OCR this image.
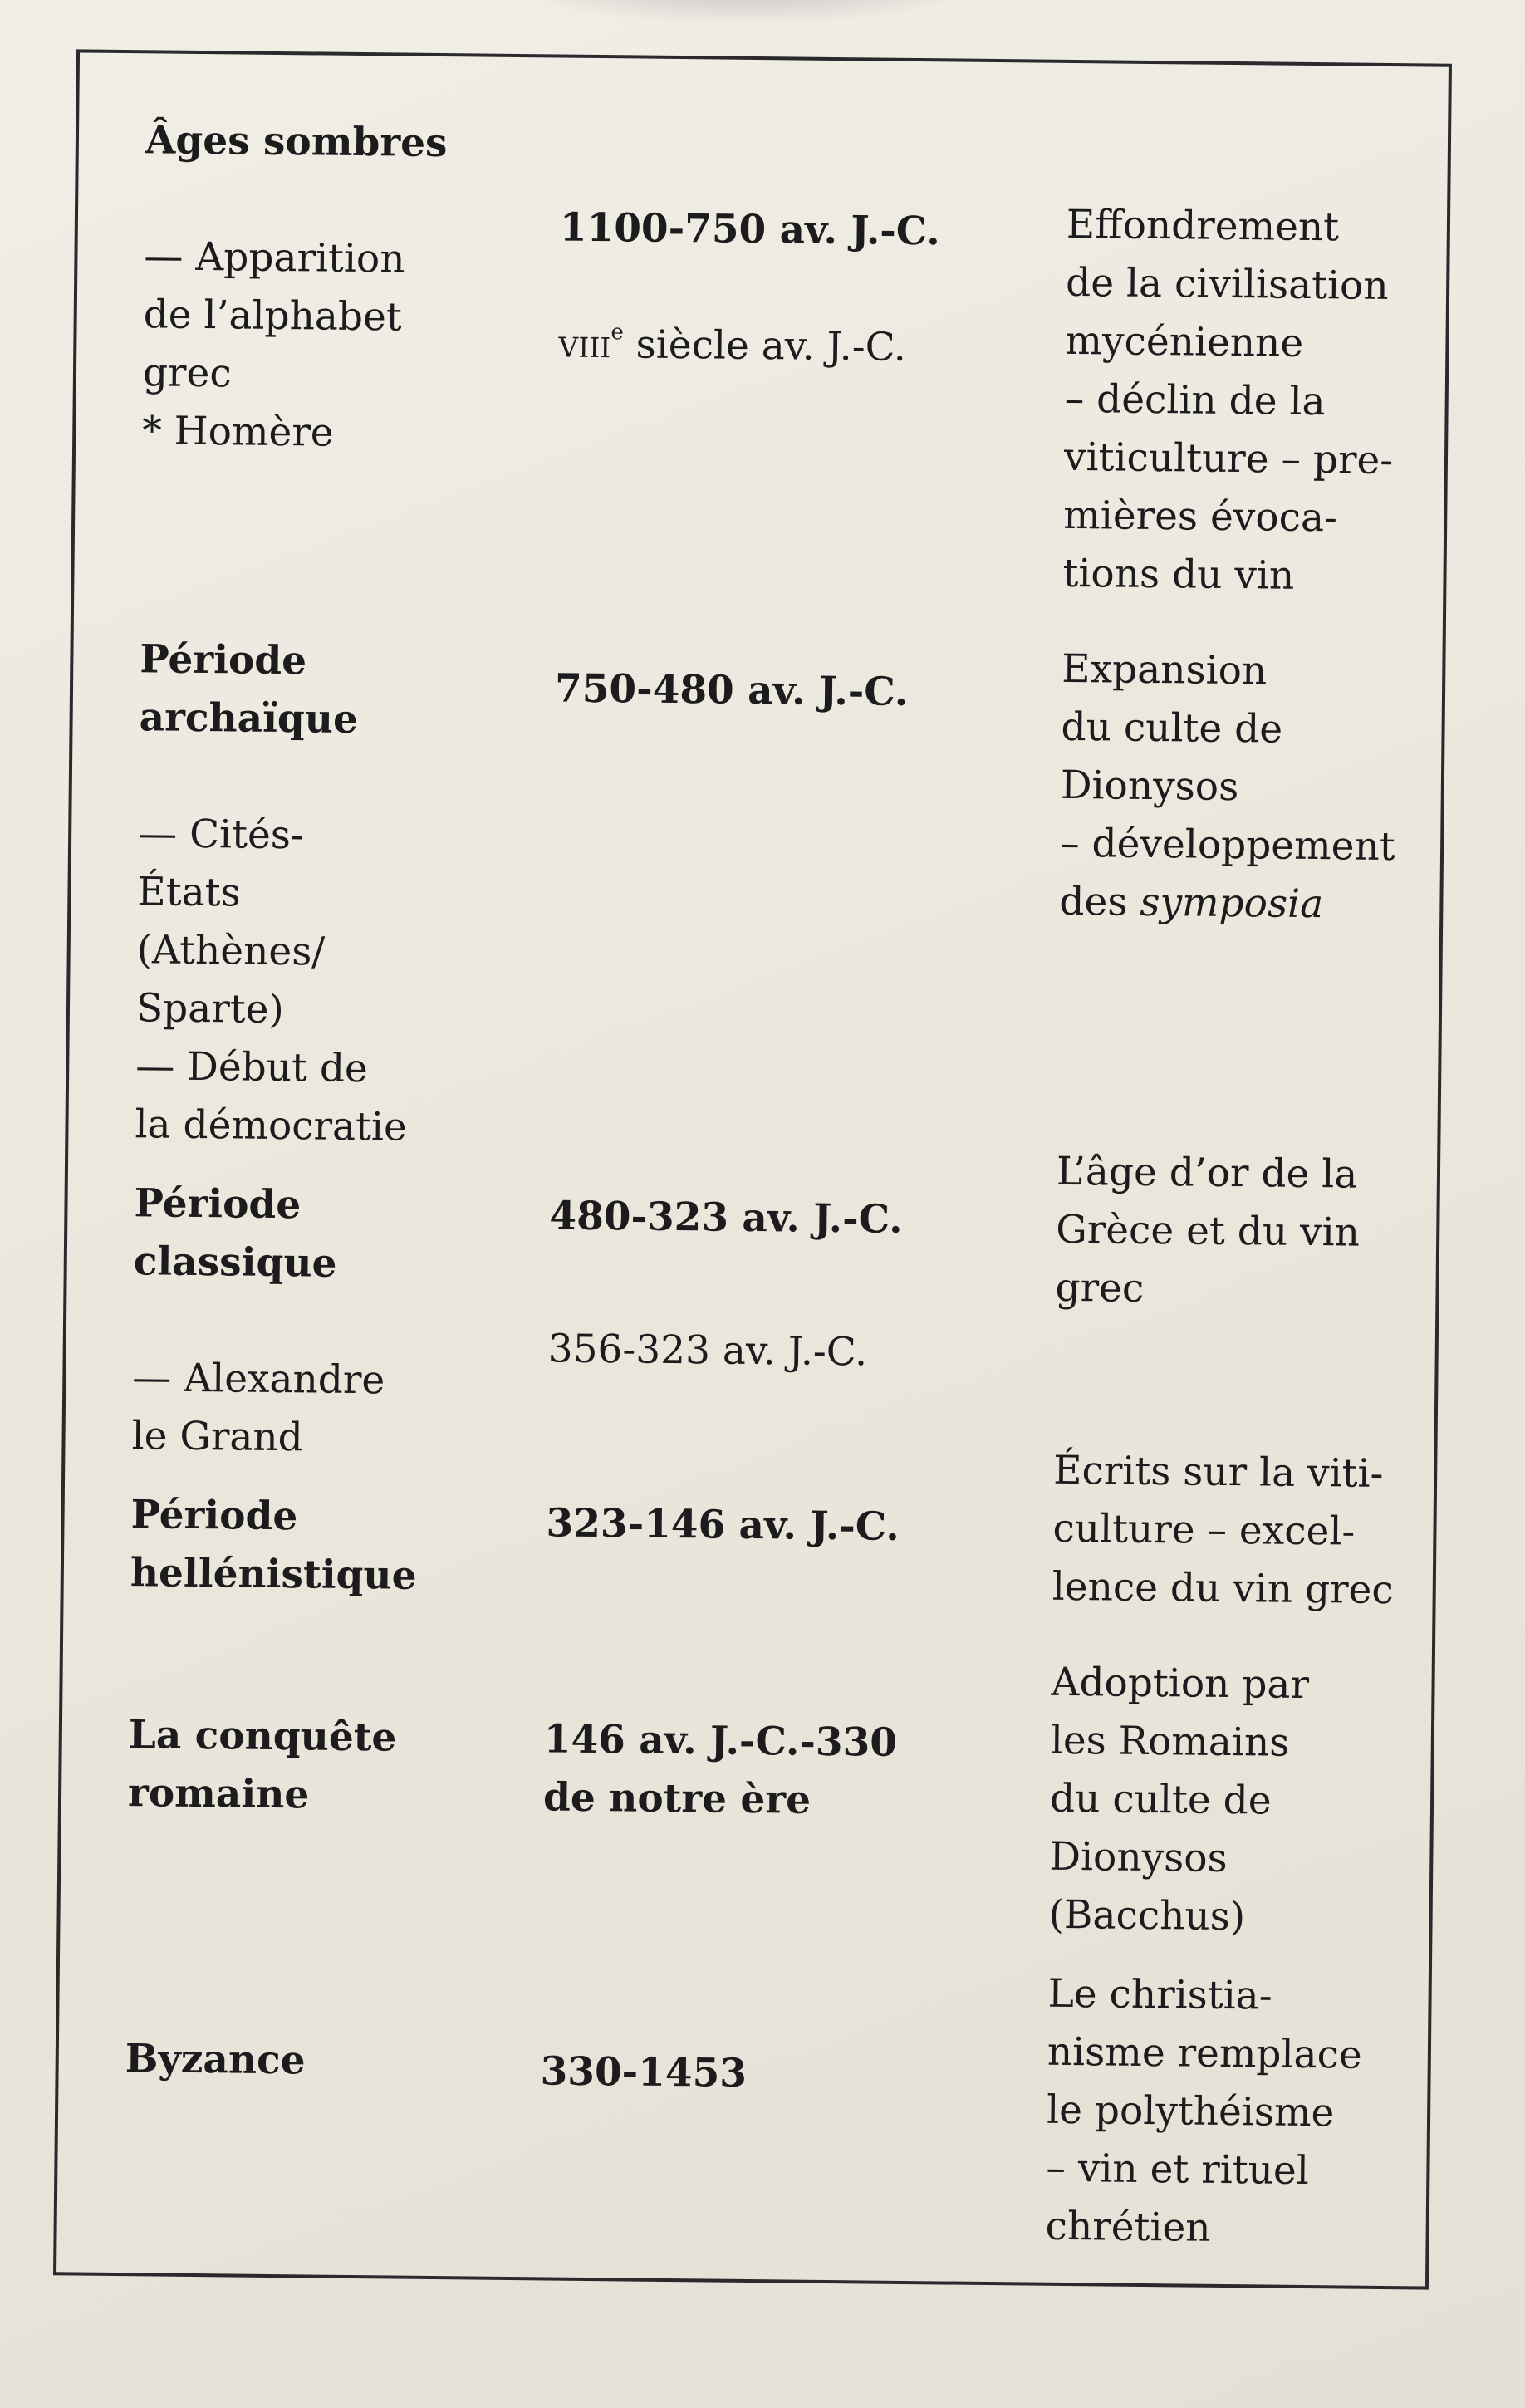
Âges sombres

— Apparition
de l’alphabet
grec
* Homère

1100-750 av. J.-C.

viii$^e$ siècle av. J.-C.

Effondrement
de la civilisation
mycénienne
– déclin de la
viticulture – pre-
mières évoca-
tions du vin

Période
archaïque

— Cités-
États
(Athènes/
Sparte)
— Début de
la démocratie

750-480 av. J.-C.	Expansion
du culte de
Dionysos
– développement
des symposia

Période
classique

— Alexandre
le Grand

480-323 av. J.-C.

356-323 av. J.-C.

L’âge d’or de la
Grèce et du vin
grec

Période
hellénistique

323-146 av. J.-C.

Écrits sur la viti-
culture – excel-
lence du vin grec

La conquête
romaine

146 av. J.-C.-330
de notre ère

Adoption par
les Romains
du culte de
Dionysos
(Bacchus)

Byzance	330-1453

Le christia-
nisme remplace
le polythéisme
– vin et rituel
chrétien
